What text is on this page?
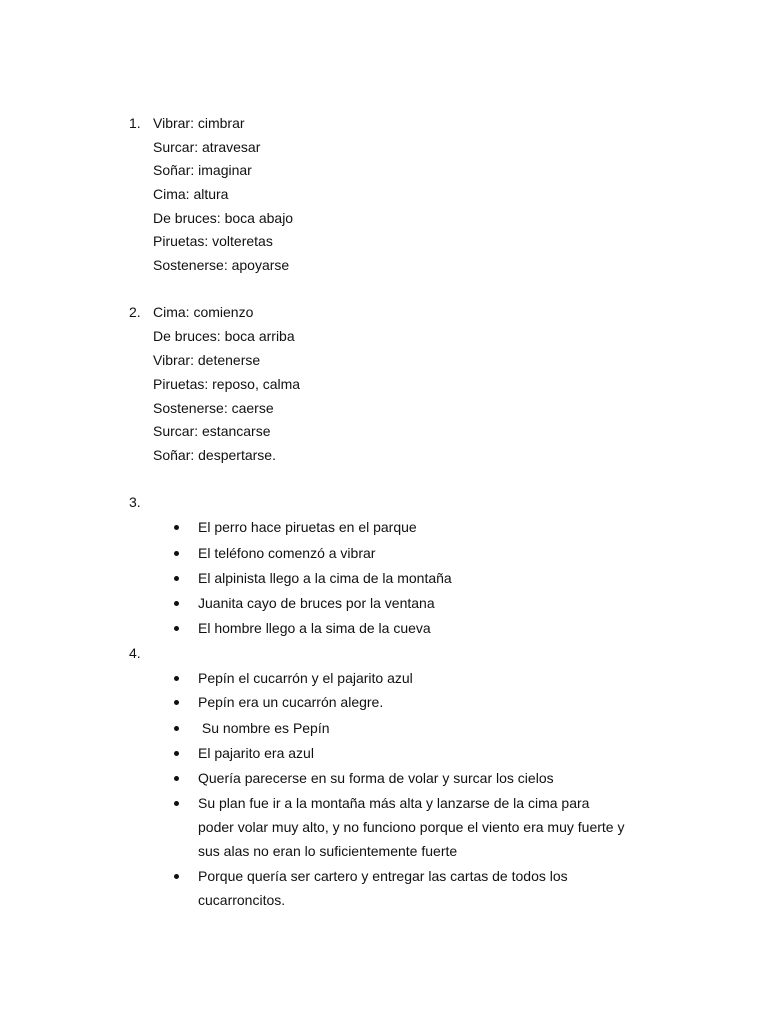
1. Vibrar: cimbrar
Surcar: atravesar
Soñar: imaginar
Cima: altura
De bruces: boca abajo
Piruetas: volteretas
Sostenerse: apoyarse
2. Cima: comienzo
De bruces: boca arriba
Vibrar: detenerse
Piruetas: reposo, calma
Sostenerse: caerse
Surcar: estancarse
Soñar: despertarse.
3.
El perro hace piruetas en el parque
El teléfono comenzó a vibrar
El alpinista llego a la cima de la montaña
Juanita cayo de bruces por la ventana
El hombre llego a la sima de la cueva
4.
Pepín el cucarrón y el pajarito azul
Pepín era un cucarrón alegre.
Su nombre es Pepín
El pajarito era azul
Quería parecerse en su forma de volar y surcar los cielos
Su plan fue ir a la montaña más alta y lanzarse de la cima para
poder volar muy alto, y no funciono porque el viento era muy fuerte y
sus alas no eran lo suficientemente fuerte
Porque quería ser cartero y entregar las cartas de todos los
cucarroncitos.
